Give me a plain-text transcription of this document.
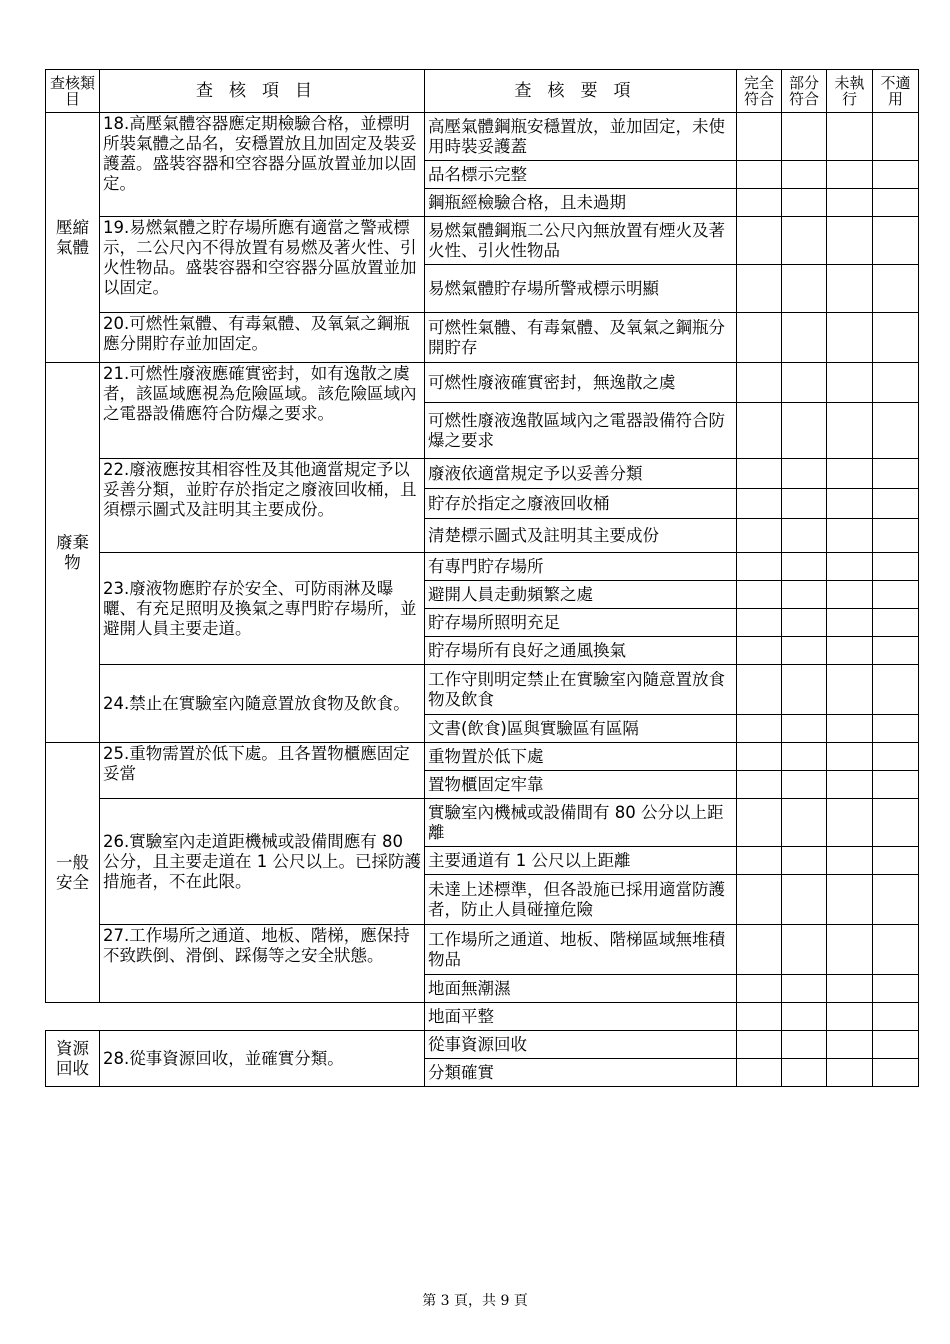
查核類目	查核項目	查核要項	完全符合	部分符合	未執行	不適用
壓縮氣體	18.高壓氣體容器應定期檢驗合格，並標明所裝氣體之品名，安穩置放且加固定及裝妥護蓋。盛裝容器和空容器分區放置並加以固定。	高壓氣體鋼瓶安穩置放，並加固定，未使用時裝妥護蓋				
		品名標示完整				
		鋼瓶經檢驗合格，且未過期				
	19.易燃氣體之貯存場所應有適當之警戒標示，二公尺內不得放置有易燃及著火性、引火性物品。盛裝容器和空容器分區放置並加以固定。	易燃氣體鋼瓶二公尺內無放置有煙火及著火性、引火性物品				
		易燃氣體貯存場所警戒標示明顯				
	20.可燃性氣體、有毒氣體、及氧氣之鋼瓶應分開貯存並加固定。	可燃性氣體、有毒氣體、及氧氣之鋼瓶分開貯存				
廢棄物	21.可燃性廢液應確實密封，如有逸散之虞者，該區域應視為危險區域。該危險區域內之電器設備應符合防爆之要求。	可燃性廢液確實密封，無逸散之虞				
		可燃性廢液逸散區域內之電器設備符合防爆之要求				
	22.廢液應按其相容性及其他適當規定予以妥善分類，並貯存於指定之廢液回收桶，且須標示圖式及註明其主要成份。	廢液依適當規定予以妥善分類				
		貯存於指定之廢液回收桶				
		清楚標示圖式及註明其主要成份				
	23.廢液物應貯存於安全、可防雨淋及曝曬、有充足照明及換氣之專門貯存場所，並避開人員主要走道。	有專門貯存場所				
		避開人員走動頻繁之處				
		貯存場所照明充足				
		貯存場所有良好之通風換氣				
	24.禁止在實驗室內隨意置放食物及飲食。	工作守則明定禁止在實驗室內隨意置放食物及飲食				
		文書(飲食)區與實驗區有區隔				
一般安全	25.重物需置於低下處。且各置物櫃應固定妥當	重物置於低下處				
		置物櫃固定牢靠				
	26.實驗室內走道距機械或設備間應有 80 公分，且主要走道在 1 公尺以上。已採防護措施者，不在此限。	實驗室內機械或設備間有 80 公分以上距離				
		主要通道有 1 公尺以上距離				
		未達上述標準，但各設施已採用適當防護者，防止人員碰撞危險				
	27.工作場所之通道、地板、階梯，應保持不致跌倒、滑倒、踩傷等之安全狀態。	工作場所之通道、地板、階梯區域無堆積物品				
		地面無潮濕				
		地面平整				
資源回收	28.從事資源回收，並確實分類。	從事資源回收				
		分類確實				
第 3 頁，共 9 頁
